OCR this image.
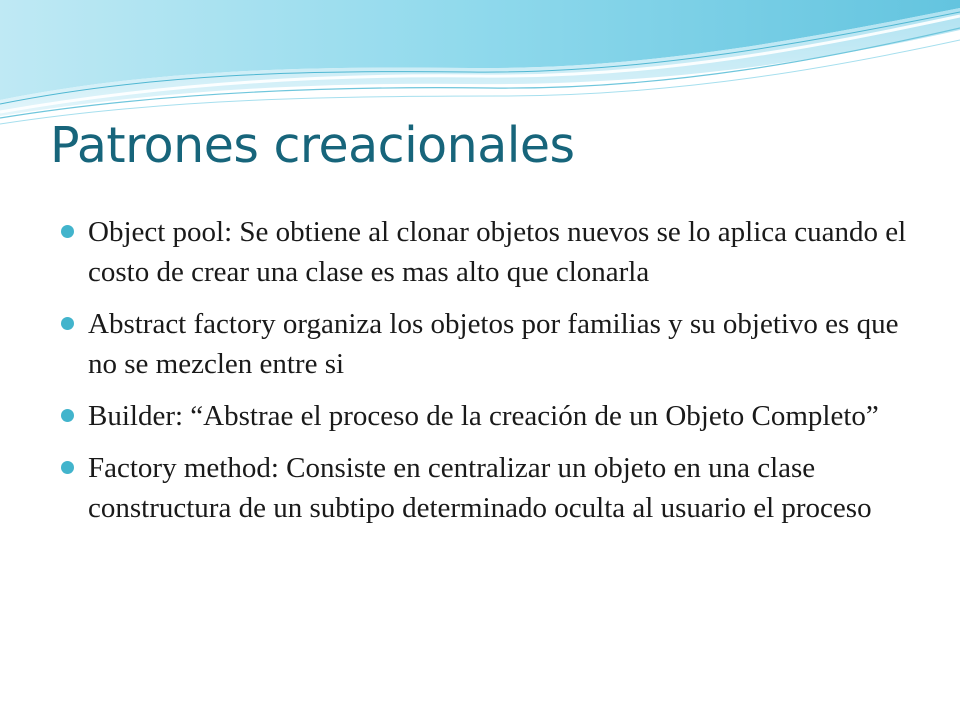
Patrones creacionales
Object pool: Se obtiene al clonar objetos nuevos se lo aplica cuando el costo de crear una clase es mas alto que clonarla
Abstract factory organiza los objetos por familias y su objetivo es que no se mezclen entre si
Builder: “Abstrae el proceso de la creación de un Objeto Completo”
Factory method: Consiste en centralizar un objeto en una clase constructura de un subtipo determinado oculta al usuario el proceso
